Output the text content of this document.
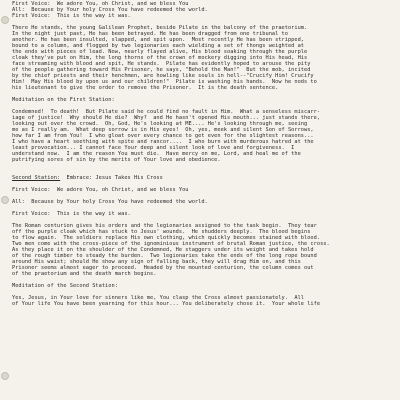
First Voice:  We adore You, oh Christ, and we bless You
All:  Because by Your holy Cross You have redeemed the world.
First Voice:  This is the way it was.
There He stands, the young Galilean Prophet, beside Pilate in the balcony of the praetorium.
In the night just past, He has been betrayed. He has been dragged from one tribunal to
another. He has been insulted, slapped, and spit upon.  Most recently He has been stripped,
bound to a column, and flogged by two legionaries each wielding a set of thongs weighted at
the ends with pieces of lead. Now, nearly flayed alive, His blood soaking through the purple
cloak they've put on Him, the long thorns of the crown of mockery digging into His head, His
face streaming with blood and spit, He stands.  Pilate has evidently hoped to arouse the pity
of the people gathering toward His Prisoner, he says, "Behold the Man!"  But the mob, incited
by the chief priests and their henchmen, are howling like souls in hell--"Crucify Him! Crucify
Him!  May His blood by upon us and our children!"  Pilate is washing his hands.  Now he nods to
his lieutenant to give the order to remove the Prisoner.  It is the death sentence.
Meditation on the First Station:
Condemned!  To death!  But Pilate said he could find no fault in Him.  What a senseless miscarr-
iage of justice!  Why should He die?  Why?  and He hasn't opened His mouth... just stands there,
looking out over the crowd.  Oh, God, He's looking at ME.... He's looking through me, seeing
me as I really am.  What deep sorrow is in His eyes!  Oh, yes, meek and silent Son of Sorrows,
how far I am from You!  I who gloat over every chance to get even for the slightest reasons...
I who have a heart seething with spite and rancor....  I who burn with murderous hatred at the
least provocation... I cannot face Your deep and silent look of love and forgiveness.  I
understand now.  I am the reason You must die.  Have mercy on me, Lord, and heal me of the
putrifying sores of sin by the merits of Your love and obedience.
Second Station:  Embrace: Jesus Takes His Cross
First Voice:  We adore You, oh Christ, and we bless You
All:  Because by Your holy Cross You have redeemed the world.
First Voice:  This is the way it was.
The Roman centurion gives his orders and the legionaries assigned to the task begin.  They tear
off the purple cloak which has stuck to Jesus' wounds.  He shudders deeply.  The blood begins
to flow again.  The soldiers replace His own clothing, which quickly becomes stained with blood.
Two men come with the cross-piece of the ignominious instrument of brutal Roman justice, the cross.
As they place it on the shoulder of the Condemned, He staggers under its weight and takes hold
of the rough timber to steady the burden.  Two legionaries take the ends of the long rope bound
around His waist; should He show any sign of falling back, they will drag Him on, and this
Prisoner seems almost eager to proceed.  Headed by the mounted centurion, the column comes out
of the praetorium and the death march begins.
Meditation of the Second Station:
Yes, Jesus, in Your love for sinners like me, You clasp the Cross almost passionately.  All
of Your life You have been yearning for this hour... You deliberately chose it.  Your whole life
